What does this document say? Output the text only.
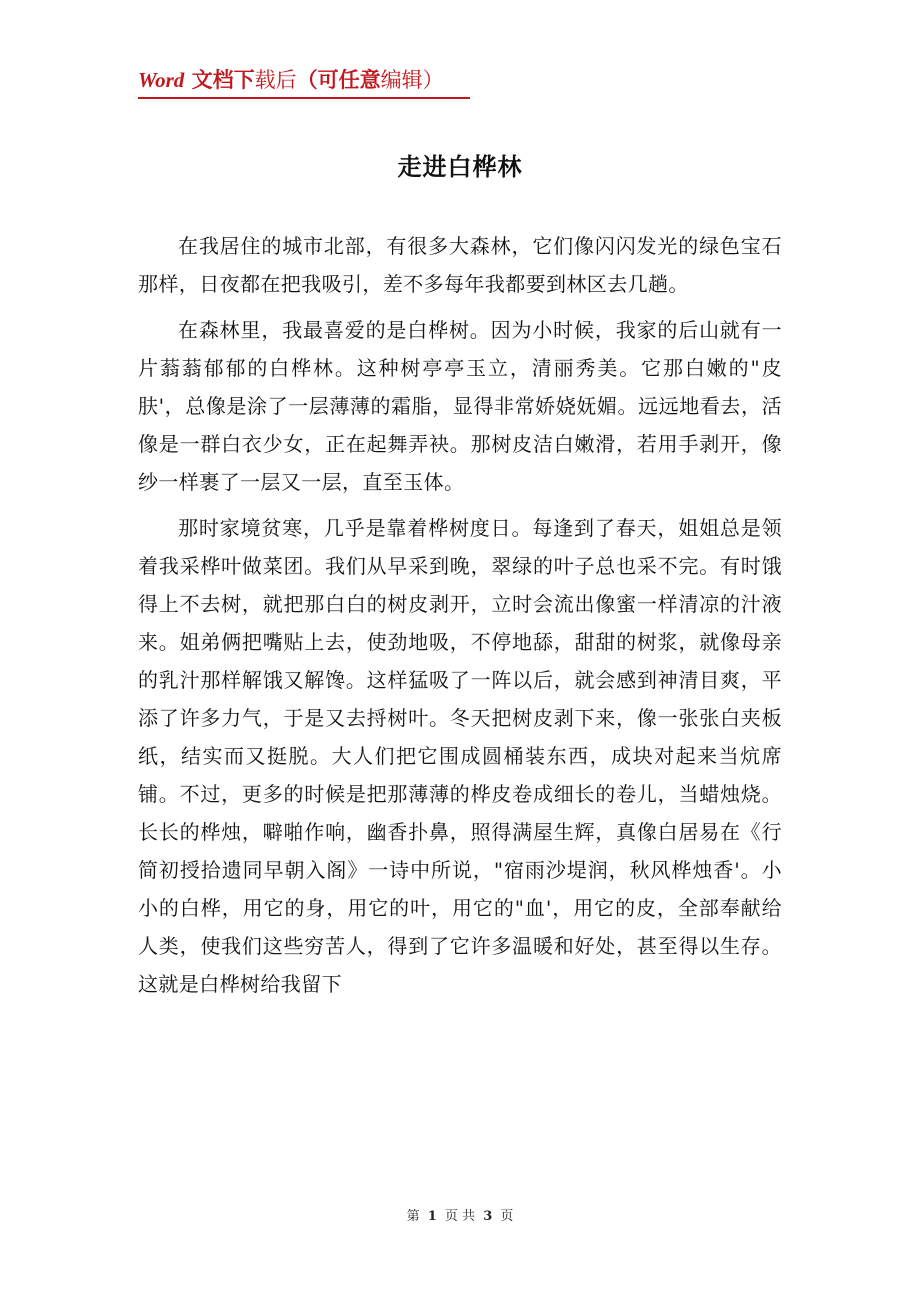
Word 文档下载后（可任意编辑）
走进白桦林

在我居住的城市北部，有很多大森林，它们像闪闪发光的绿色宝石那样，日夜都在把我吸引，差不多每年我都要到林区去几趟。

在森林里，我最喜爱的是白桦树。因为小时候，我家的后山就有一片蓊蓊郁郁的白桦林。这种树亭亭玉立，清丽秀美。它那白嫩的"皮肤'，总像是涂了一层薄薄的霜脂，显得非常娇娆妩媚。远远地看去，活像是一群白衣少女，正在起舞弄袂。那树皮洁白嫩滑，若用手剥开，像纱一样裹了一层又一层，直至玉体。

那时家境贫寒，几乎是靠着桦树度日。每逢到了春天，姐姐总是领着我采桦叶做菜团。我们从早采到晚，翠绿的叶子总也采不完。有时饿得上不去树，就把那白白的树皮剥开，立时会流出像蜜一样清凉的汁液来。姐弟俩把嘴贴上去，使劲地吸，不停地舔，甜甜的树浆，就像母亲的乳汁那样解饿又解馋。这样猛吸了一阵以后，就会感到神清目爽，平添了许多力气，于是又去捋树叶。冬天把树皮剥下来，像一张张白夹板纸，结实而又挺脱。大人们把它围成圆桶装东西，成块对起来当炕席铺。不过，更多的时候是把那薄薄的桦皮卷成细长的卷儿，当蜡烛烧。长长的桦烛，噼啪作响，幽香扑鼻，照得满屋生辉，真像白居易在《行简初授拾遗同早朝入阁》一诗中所说，"宿雨沙堤润，秋风桦烛香'。小小的白桦，用它的身，用它的叶，用它的"血'，用它的皮，全部奉献给人类，使我们这些穷苦人，得到了它许多温暖和好处，甚至得以生存。这就是白桦树给我留下

第 1 页 共 3 页
